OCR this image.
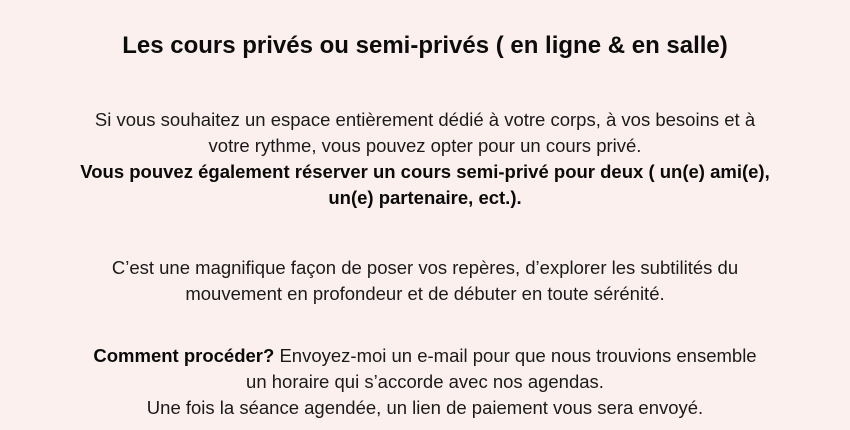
Les cours privés ou semi-privés ( en ligne & en salle)

Si vous souhaitez un espace entièrement dédié à votre corps, à vos besoins et à
votre rythme, vous pouvez opter pour un cours privé.
Vous pouvez également réserver un cours semi-privé pour deux ( un(e) ami(e),
un(e) partenaire, ect.).

C’est une magnifique façon de poser vos repères, d’explorer les subtilités du
mouvement en profondeur et de débuter en toute sérénité.

Comment procéder? Envoyez-moi un e-mail pour que nous trouvions ensemble
un horaire qui s’accorde avec nos agendas.
Une fois la séance agendée, un lien de paiement vous sera envoyé.
